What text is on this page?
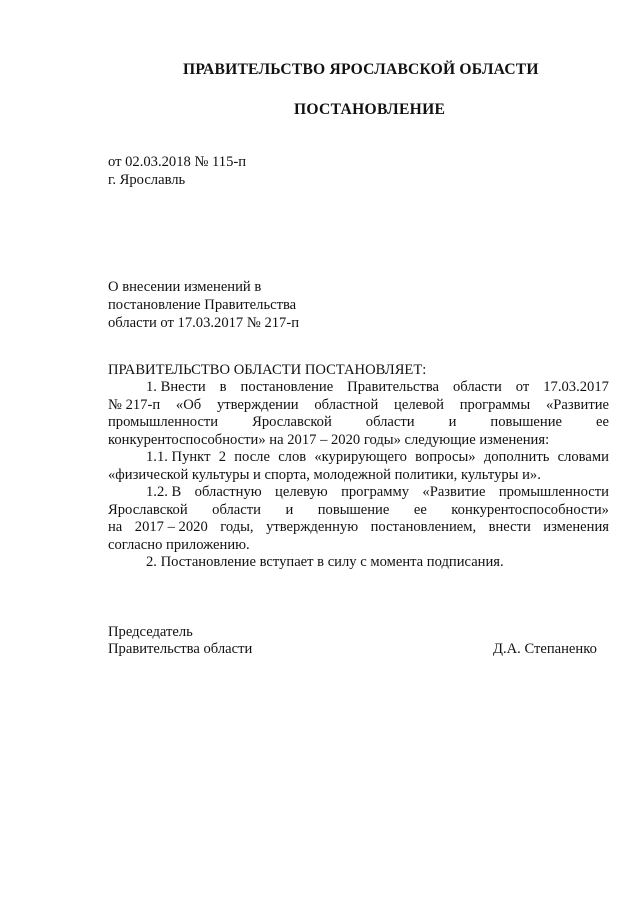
ПРАВИТЕЛЬСТВО ЯРОСЛАВСКОЙ ОБЛАСТИ
ПОСТАНОВЛЕНИЕ
от 02.03.2018 № 115-п
г. Ярославль
О внесении изменений в
постановление Правительства
области от 17.03.2017 № 217-п
ПРАВИТЕЛЬСТВО ОБЛАСТИ ПОСТАНОВЛЯЕТ:
1. Внести в постановление Правительства области от 17.03.2017
№ 217-п «Об утверждении областной целевой программы «Развитие
промышленности Ярославской области и повышение ее
конкурентоспособности» на 2017 – 2020 годы» следующие изменения:
1.1. Пункт 2 после слов «курирующего вопросы» дополнить словами
«физической культуры и спорта, молодежной политики, культуры и».
1.2. В областную целевую программу «Развитие промышленности
Ярославской области и повышение ее конкурентоспособности»
на 2017 – 2020 годы, утвержденную постановлением, внести изменения
согласно приложению.
2. Постановление вступает в силу с момента подписания.
Председатель
Правительства области	Д.А. Степаненко
